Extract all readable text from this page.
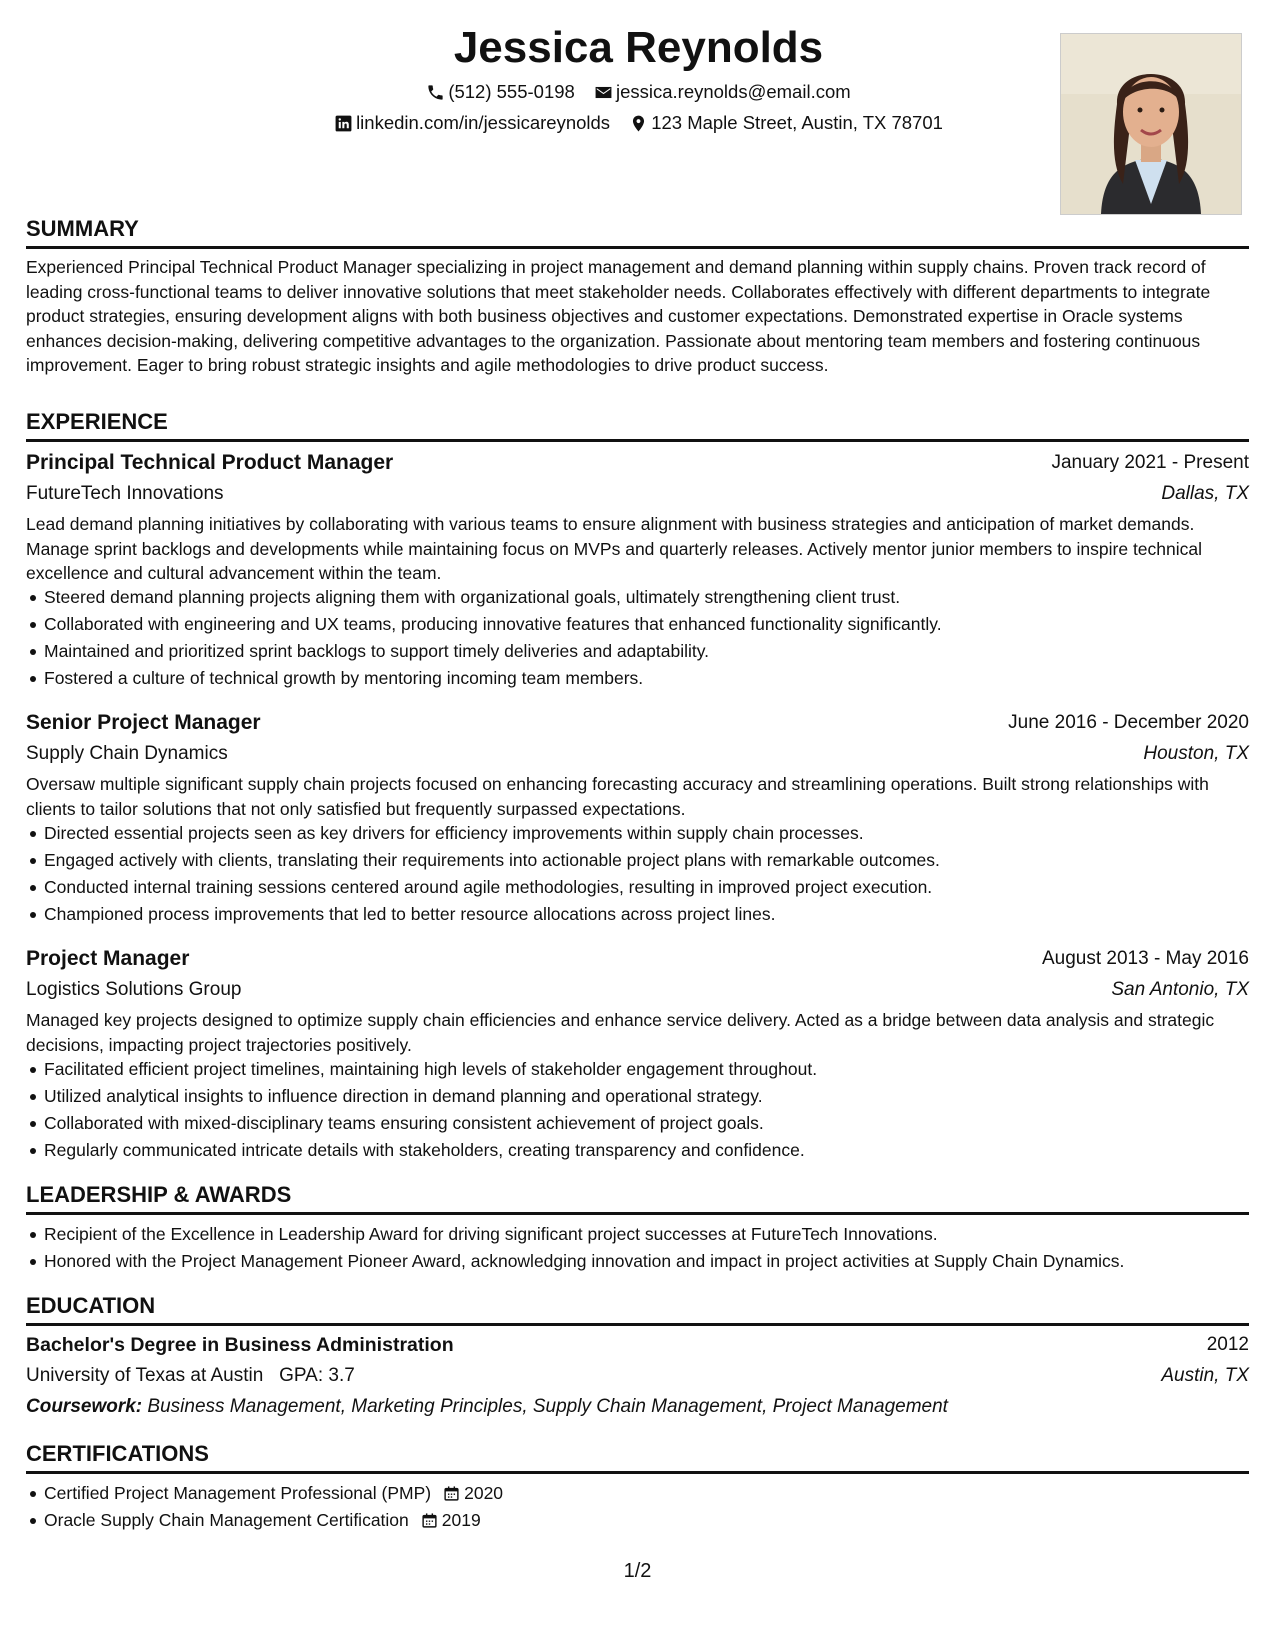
Jessica Reynolds
(512) 555-0198
jessica.reynolds@email.com
linkedin.com/in/jessicareynolds
123 Maple Street, Austin, TX 78701
SUMMARY
Experienced Principal Technical Product Manager specializing in project management and demand planning within supply chains. Proven track record of leading cross-functional teams to deliver innovative solutions that meet stakeholder needs. Collaborates effectively with different departments to integrate product strategies, ensuring development aligns with both business objectives and customer expectations. Demonstrated expertise in Oracle systems enhances decision-making, delivering competitive advantages to the organization. Passionate about mentoring team members and fostering continuous improvement. Eager to bring robust strategic insights and agile methodologies to drive product success.
EXPERIENCE
Principal Technical Product Manager	January 2021 - Present
FutureTech Innovations	Dallas, TX
Lead demand planning initiatives by collaborating with various teams to ensure alignment with business strategies and anticipation of market demands. Manage sprint backlogs and developments while maintaining focus on MVPs and quarterly releases. Actively mentor junior members to inspire technical excellence and cultural advancement within the team.
Steered demand planning projects aligning them with organizational goals, ultimately strengthening client trust.
Collaborated with engineering and UX teams, producing innovative features that enhanced functionality significantly.
Maintained and prioritized sprint backlogs to support timely deliveries and adaptability.
Fostered a culture of technical growth by mentoring incoming team members.
Senior Project Manager	June 2016 - December 2020
Supply Chain Dynamics	Houston, TX
Oversaw multiple significant supply chain projects focused on enhancing forecasting accuracy and streamlining operations. Built strong relationships with clients to tailor solutions that not only satisfied but frequently surpassed expectations.
Directed essential projects seen as key drivers for efficiency improvements within supply chain processes.
Engaged actively with clients, translating their requirements into actionable project plans with remarkable outcomes.
Conducted internal training sessions centered around agile methodologies, resulting in improved project execution.
Championed process improvements that led to better resource allocations across project lines.
Project Manager	August 2013 - May 2016
Logistics Solutions Group	San Antonio, TX
Managed key projects designed to optimize supply chain efficiencies and enhance service delivery. Acted as a bridge between data analysis and strategic decisions, impacting project trajectories positively.
Facilitated efficient project timelines, maintaining high levels of stakeholder engagement throughout.
Utilized analytical insights to influence direction in demand planning and operational strategy.
Collaborated with mixed-disciplinary teams ensuring consistent achievement of project goals.
Regularly communicated intricate details with stakeholders, creating transparency and confidence.
LEADERSHIP & AWARDS
Recipient of the Excellence in Leadership Award for driving significant project successes at FutureTech Innovations.
Honored with the Project Management Pioneer Award, acknowledging innovation and impact in project activities at Supply Chain Dynamics.
EDUCATION
Bachelor's Degree in Business Administration	2012
University of Texas at Austin GPA: 3.7	Austin, TX
Coursework: Business Management, Marketing Principles, Supply Chain Management, Project Management
CERTIFICATIONS
Certified Project Management Professional (PMP) 2020
Oracle Supply Chain Management Certification 2019
1/2
